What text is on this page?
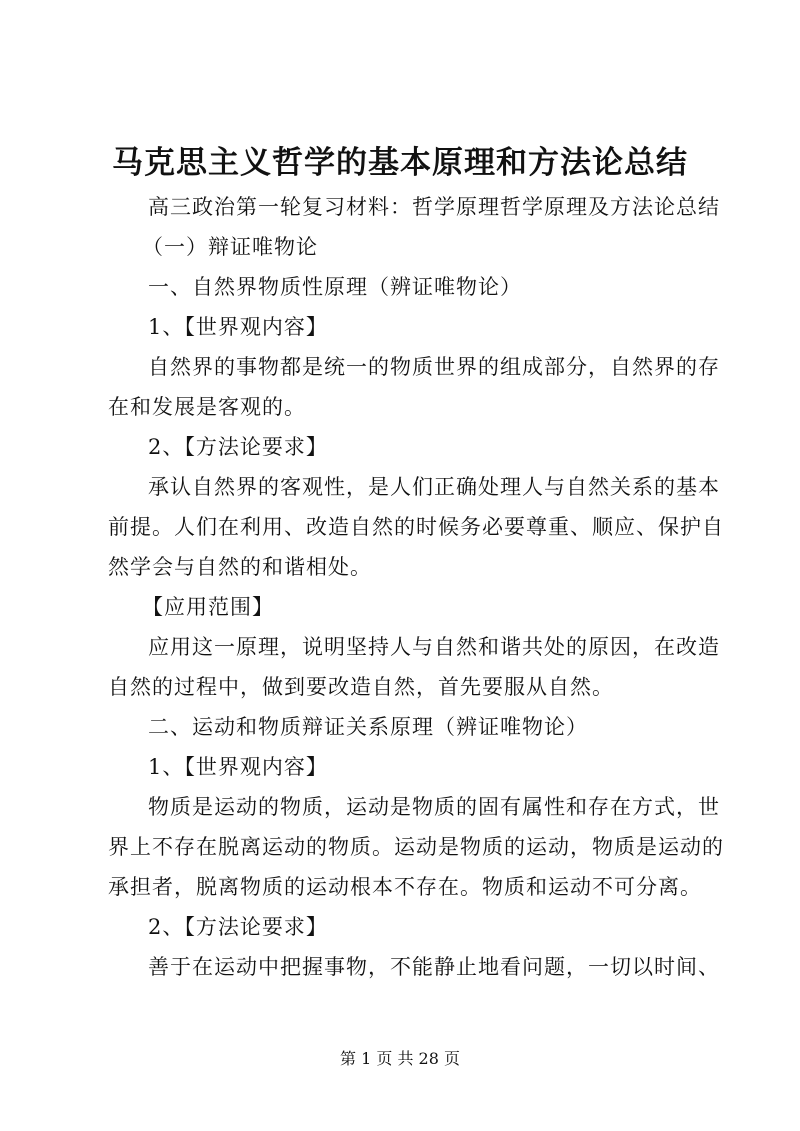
马克思主义哲学的基本原理和方法论总结
高三政治第一轮复习材料：哲学原理哲学原理及方法论总结
（一）辩证唯物论
一、自然界物质性原理（辨证唯物论）
1、【世界观内容】
自然界的事物都是统一的物质世界的组成部分，自然界的存
在和发展是客观的。
2、【方法论要求】
承认自然界的客观性，是人们正确处理人与自然关系的基本
前提。人们在利用、改造自然的时候务必要尊重、顺应、保护自
然学会与自然的和谐相处。
【应用范围】
应用这一原理，说明坚持人与自然和谐共处的原因，在改造
自然的过程中，做到要改造自然，首先要服从自然。
二、运动和物质辩证关系原理（辨证唯物论）
1、【世界观内容】
物质是运动的物质，运动是物质的固有属性和存在方式，世
界上不存在脱离运动的物质。运动是物质的运动，物质是运动的
承担者，脱离物质的运动根本不存在。物质和运动不可分离。
2、【方法论要求】
善于在运动中把握事物，不能静止地看问题，一切以时间、
第 1 页 共 28 页
